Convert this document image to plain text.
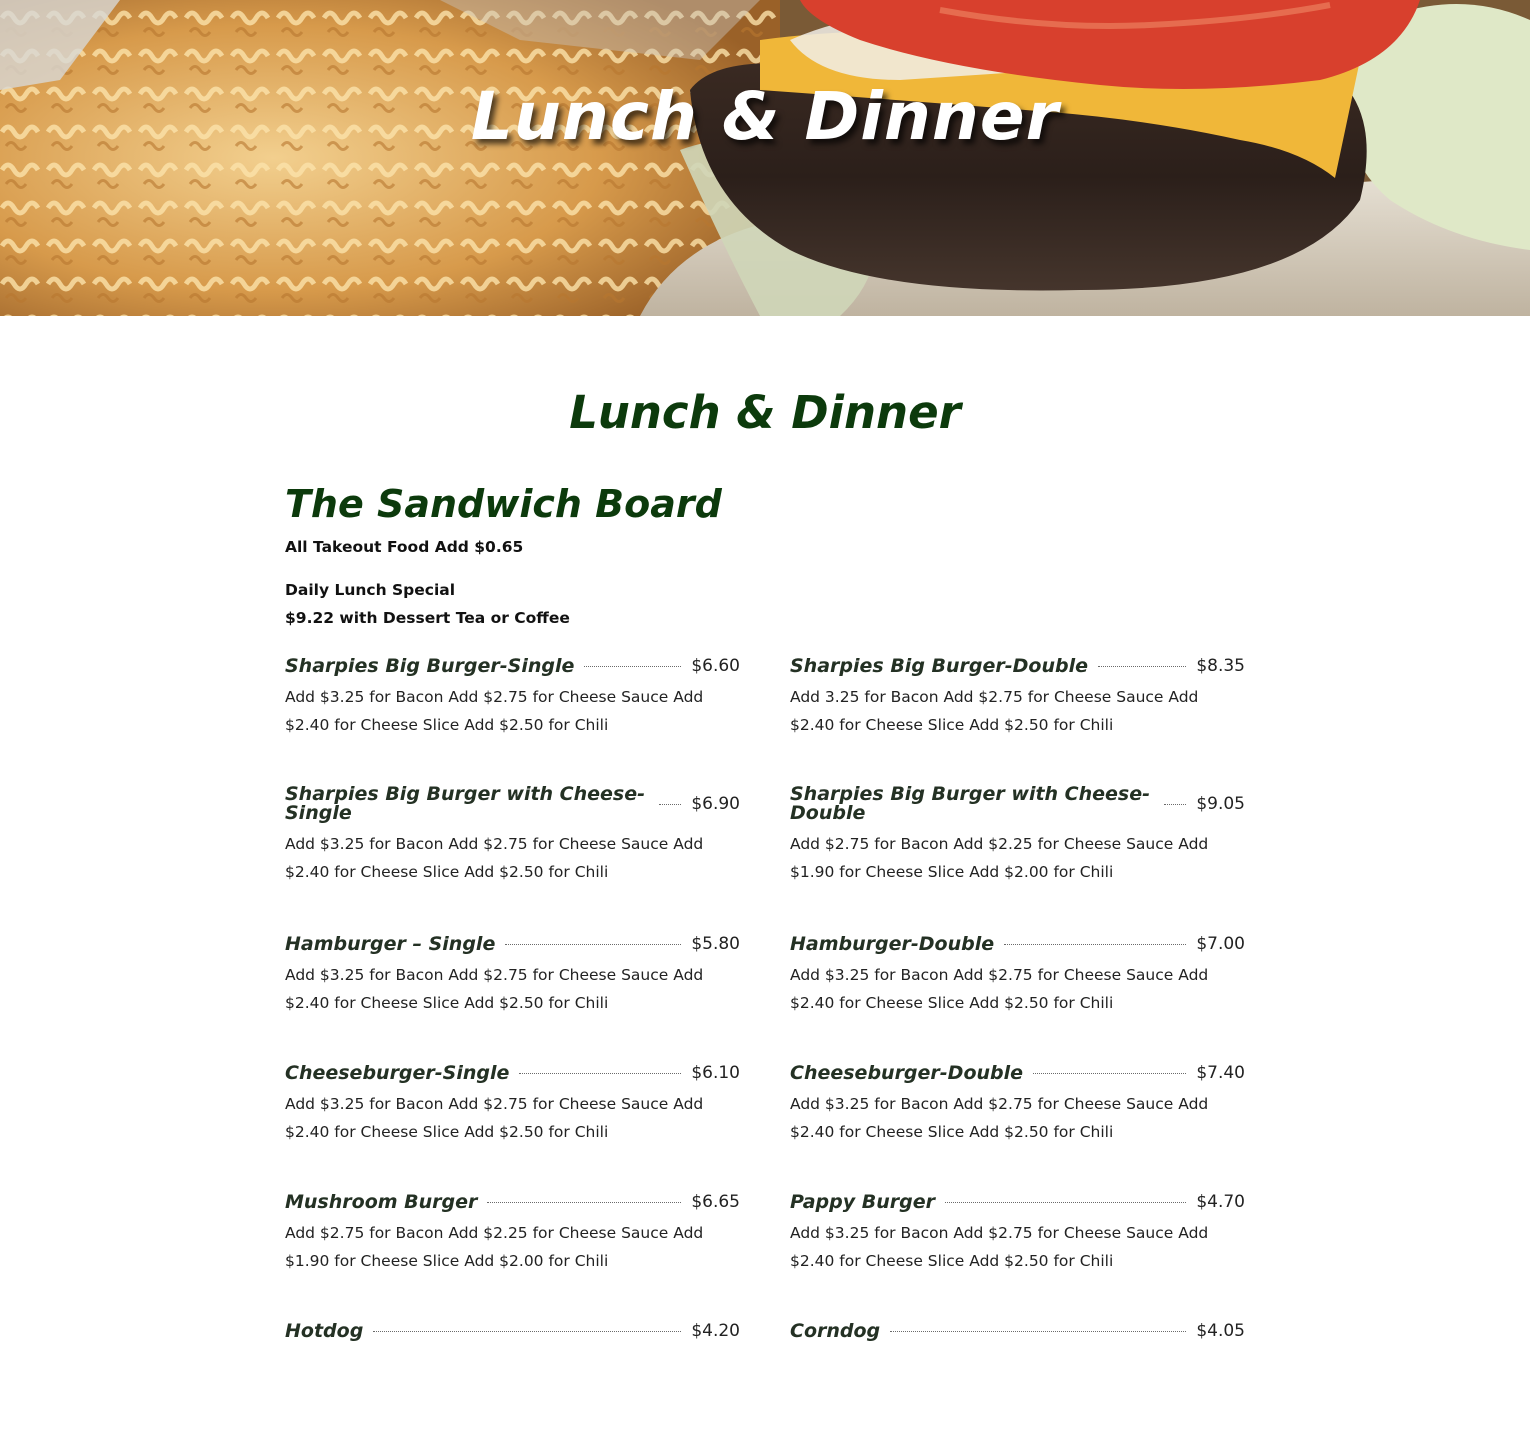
Lunch & Dinner
Lunch & Dinner
The Sandwich Board

All Takeout Food Add $0.65

Daily Lunch Special

$9.22 with Dessert Tea or Coffee

Sharpies Big Burger-Single	$6.60

Add $3.25 for Bacon Add $2.75 for Cheese Sauce Add $2.40 for Cheese Slice Add $2.50 for Chili

Sharpies Big Burger-Double	$8.35

Add 3.25 for Bacon Add $2.75 for Cheese Sauce Add $2.40 for Cheese Slice Add $2.50 for Chili

Sharpies Big Burger with Cheese-Single	$6.90

Add $3.25 for Bacon Add $2.75 for Cheese Sauce Add $2.40 for Cheese Slice Add $2.50 for Chili

Sharpies Big Burger with Cheese-Double	$9.05

Add $2.75 for Bacon Add $2.25 for Cheese Sauce Add $1.90 for Cheese Slice Add $2.00 for Chili

Hamburger – Single	$5.80

Add $3.25 for Bacon Add $2.75 for Cheese Sauce Add $2.40 for Cheese Slice Add $2.50 for Chili

Hamburger-Double	$7.00

Add $3.25 for Bacon Add $2.75 for Cheese Sauce Add $2.40 for Cheese Slice Add $2.50 for Chili

Cheeseburger-Single	$6.10

Add $3.25 for Bacon Add $2.75 for Cheese Sauce Add $2.40 for Cheese Slice Add $2.50 for Chili

Cheeseburger-Double	$7.40

Add $3.25 for Bacon Add $2.75 for Cheese Sauce Add $2.40 for Cheese Slice Add $2.50 for Chili

Mushroom Burger	$6.65

Add $2.75 for Bacon Add $2.25 for Cheese Sauce Add $1.90 for Cheese Slice Add $2.00 for Chili

Pappy Burger	$4.70

Add $3.25 for Bacon Add $2.75 for Cheese Sauce Add $2.40 for Cheese Slice Add $2.50 for Chili

Hotdog	$4.20	Corndog	$4.05
